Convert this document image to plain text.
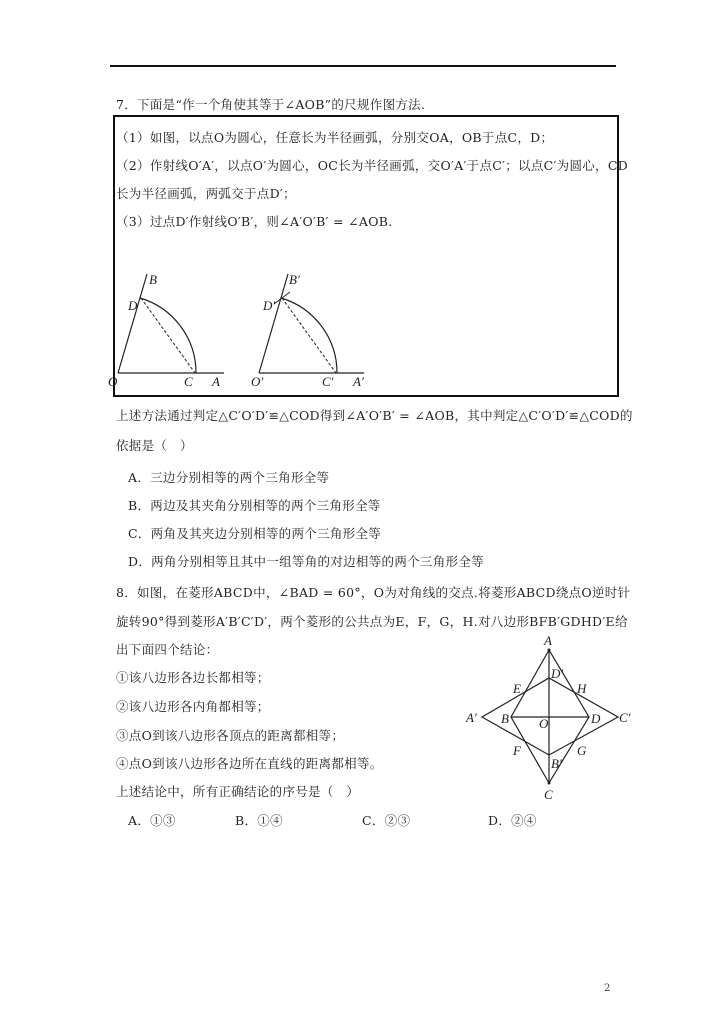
7．下面是“作一个角使其等于∠AOB”的尺规作图方法.
（1）如图，以点O为圆心，任意长为半径画弧，分别交OA，OB于点C，D；
（2）作射线O′A′，以点O′为圆心，OC长为半径画弧，交O′A′于点C′；以点C′为圆心，CD
长为半径画弧，两弧交于点D′；
（3）过点D′作射线O′B′，则∠A′O′B′ = ∠AOB.
B
D
O	C A
B′
D′
O′	C′ A′
上述方法通过判定△C′O′D′≌△COD得到∠A′O′B′ = ∠AOB，其中判定△C′O′D′≌△COD的
依据是（　）
A．三边分别相等的两个三角形全等
B．两边及其夹角分别相等的两个三角形全等
C．两角及其夹边分别相等的两个三角形全等
D．两角分别相等且其中一组等角的对边相等的两个三角形全等
8．如图，在菱形ABCD中，∠BAD = 60°，O为对角线的交点.将菱形ABCD绕点O逆时针
旋转90°得到菱形A′B′C′D′，两个菱形的公共点为E，F，G，H.对八边形BFB′GDHD′E给
出下面四个结论：
①该八边形各边长都相等；
②该八边形各内角都相等；
③点O到该八边形各顶点的距离都相等；
④点O到该八边形各边所在直线的距离都相等。
上述结论中，所有正确结论的序号是（　）
A．①③	B．①④	C．②③	D．②④
A
B
C
D
O
A′
B′
C′
D′
E
F	G
H
2
